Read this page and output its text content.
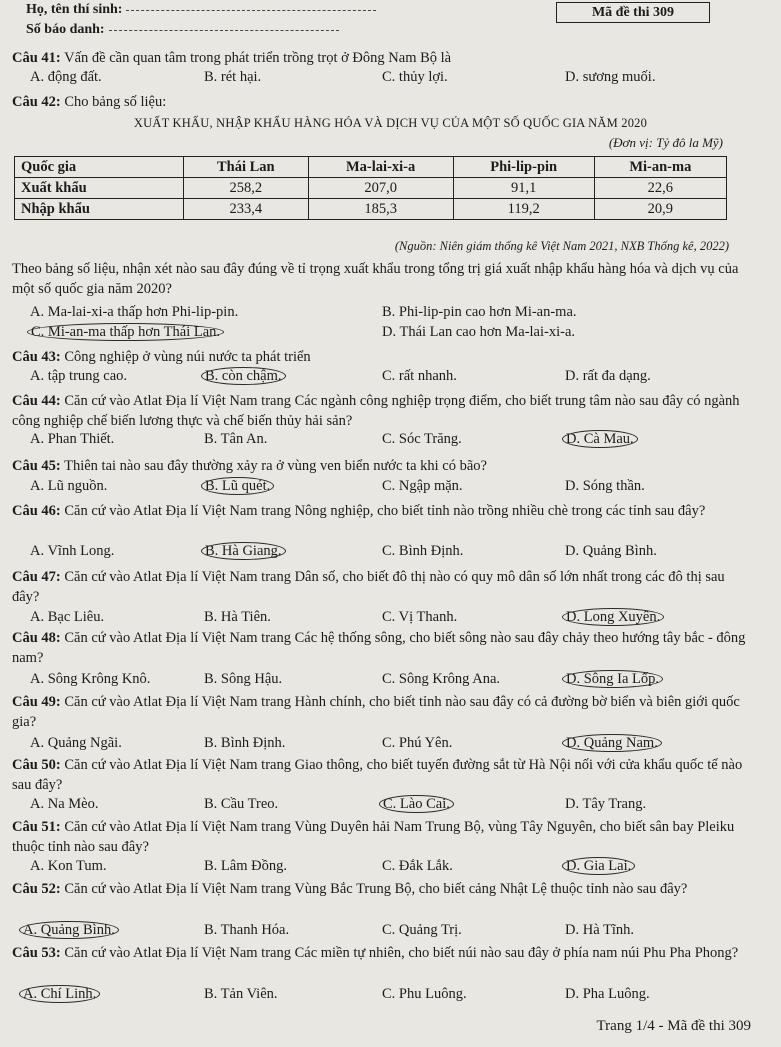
Họ, tên thí sinh:
Số báo danh:
Mã đề thi 309
Câu 41: Vấn đề cần quan tâm trong phát triển trồng trọt ở Đông Nam Bộ là
A. động đất.	B. rét hại.	C. thủy lợi.	D. sương muối.
Câu 42: Cho bảng số liệu:
XUẤT KHẨU, NHẬP KHẨU HÀNG HÓA VÀ DỊCH VỤ CỦA MỘT SỐ QUỐC GIA NĂM 2020
(Đơn vị: Tỷ đô la Mỹ)
Quốc gia	Thái Lan	Ma-lai-xi-a	Phi-lip-pin	Mi-an-ma
Xuất khẩu	258,2	207,0	91,1	22,6
Nhập khẩu	233,4	185,3	119,2	20,9
(Nguồn: Niên giám thống kê Việt Nam 2021, NXB Thống kê, 2022)
Theo bảng số liệu, nhận xét nào sau đây đúng về tỉ trọng xuất khẩu trong tổng trị giá xuất nhập khẩu hàng hóa và dịch vụ của một số quốc gia năm 2020?
A. Ma-lai-xi-a thấp hơn Phi-lip-pin.	B. Phi-lip-pin cao hơn Mi-an-ma.
C. Mi-an-ma thấp hơn Thái Lan.	D. Thái Lan cao hơn Ma-lai-xi-a.
Câu 43: Công nghiệp ở vùng núi nước ta phát triển
A. tập trung cao.	B. còn chậm.	C. rất nhanh.	D. rất đa dạng.
Câu 44: Căn cứ vào Atlat Địa lí Việt Nam trang Các ngành công nghiệp trọng điểm, cho biết trung tâm nào sau đây có ngành công nghiệp chế biến lương thực và chế biến thủy hải sản?
A. Phan Thiết.	B. Tân An.	C. Sóc Trăng.	D. Cà Mau.
Câu 45: Thiên tai nào sau đây thường xảy ra ở vùng ven biển nước ta khi có bão?
A. Lũ nguồn.	B. Lũ quét.	C. Ngập mặn.	D. Sóng thần.
Câu 46: Căn cứ vào Atlat Địa lí Việt Nam trang Nông nghiệp, cho biết tỉnh nào trồng nhiều chè trong các tỉnh sau đây?
A. Vĩnh Long.	B. Hà Giang.	C. Bình Định.	D. Quảng Bình.
Câu 47: Căn cứ vào Atlat Địa lí Việt Nam trang Dân số, cho biết đô thị nào có quy mô dân số lớn nhất trong các đô thị sau đây?
A. Bạc Liêu.	B. Hà Tiên.	C. Vị Thanh.	D. Long Xuyên.
Câu 48: Căn cứ vào Atlat Địa lí Việt Nam trang Các hệ thống sông, cho biết sông nào sau đây chảy theo hướng tây bắc - đông nam?
A. Sông Krông Knô.	B. Sông Hậu.	C. Sông Krông Ana.	D. Sông Ia Lốp.
Câu 49: Căn cứ vào Atlat Địa lí Việt Nam trang Hành chính, cho biết tỉnh nào sau đây có cả đường bờ biển và biên giới quốc gia?
A. Quảng Ngãi.	B. Bình Định.	C. Phú Yên.	D. Quảng Nam.
Câu 50: Căn cứ vào Atlat Địa lí Việt Nam trang Giao thông, cho biết tuyến đường sắt từ Hà Nội nối với cửa khẩu quốc tế nào sau đây?
A. Na Mèo.	B. Cầu Treo.	C. Lào Cai.	D. Tây Trang.
Câu 51: Căn cứ vào Atlat Địa lí Việt Nam trang Vùng Duyên hải Nam Trung Bộ, vùng Tây Nguyên, cho biết sân bay Pleiku thuộc tỉnh nào sau đây?
A. Kon Tum.	B. Lâm Đồng.	C. Đắk Lắk.	D. Gia Lai.
Câu 52: Căn cứ vào Atlat Địa lí Việt Nam trang Vùng Bắc Trung Bộ, cho biết cảng Nhật Lệ thuộc tỉnh nào sau đây?
A. Quảng Bình.	B. Thanh Hóa.	C. Quảng Trị.	D. Hà Tĩnh.
Câu 53: Căn cứ vào Atlat Địa lí Việt Nam trang Các miền tự nhiên, cho biết núi nào sau đây ở phía nam núi Phu Pha Phong?
A. Chí Linh.	B. Tản Viên.	C. Phu Luông.	D. Pha Luông.
Trang 1/4 - Mã đề thi 309
